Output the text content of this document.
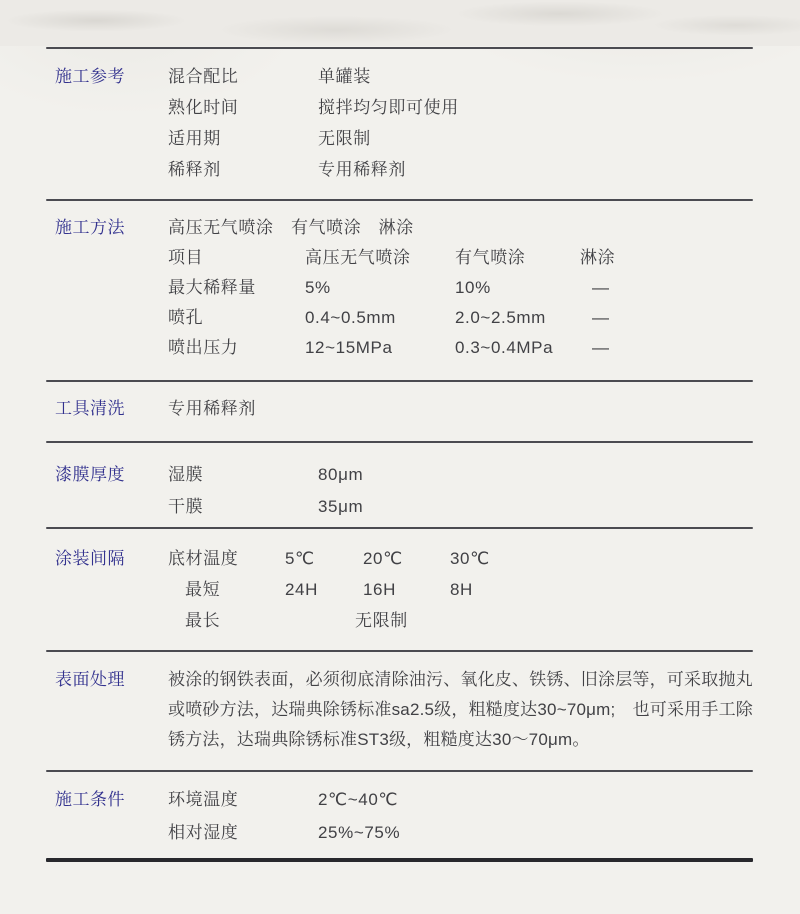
施工参考	混合配比	单罐装
熟化时间	搅拌均匀即可使用
适用期	无限制
稀释剂	专用稀释剂
施工方法	高压无气喷涂 有气喷涂 淋涂
项目	高压无气喷涂	有气喷涂	淋涂
最大稀释量	5%	10%	—
喷孔	0.4~0.5mm	2.0~2.5mm	—
喷出压力	12~15MPa	0.3~0.4MPa	—
工具清洗	专用稀释剂
漆膜厚度	湿膜	80μm
干膜	35μm
涂装间隔	底材温度	5℃	20℃	30℃
最短	24H	16H	8H
最长	无限制
表面处理	被涂的钢铁表面，必须彻底清除油污、氧化皮、铁锈、旧涂层等，可采取抛丸或喷砂方法，达瑞典除锈标准sa2.5级，粗糙度达30~70μm;　也可采用手工除锈方法，达瑞典除锈标准ST3级，粗糙度达30～70μm。
施工条件	环境温度	2℃~40℃
相对湿度	25%~75%
